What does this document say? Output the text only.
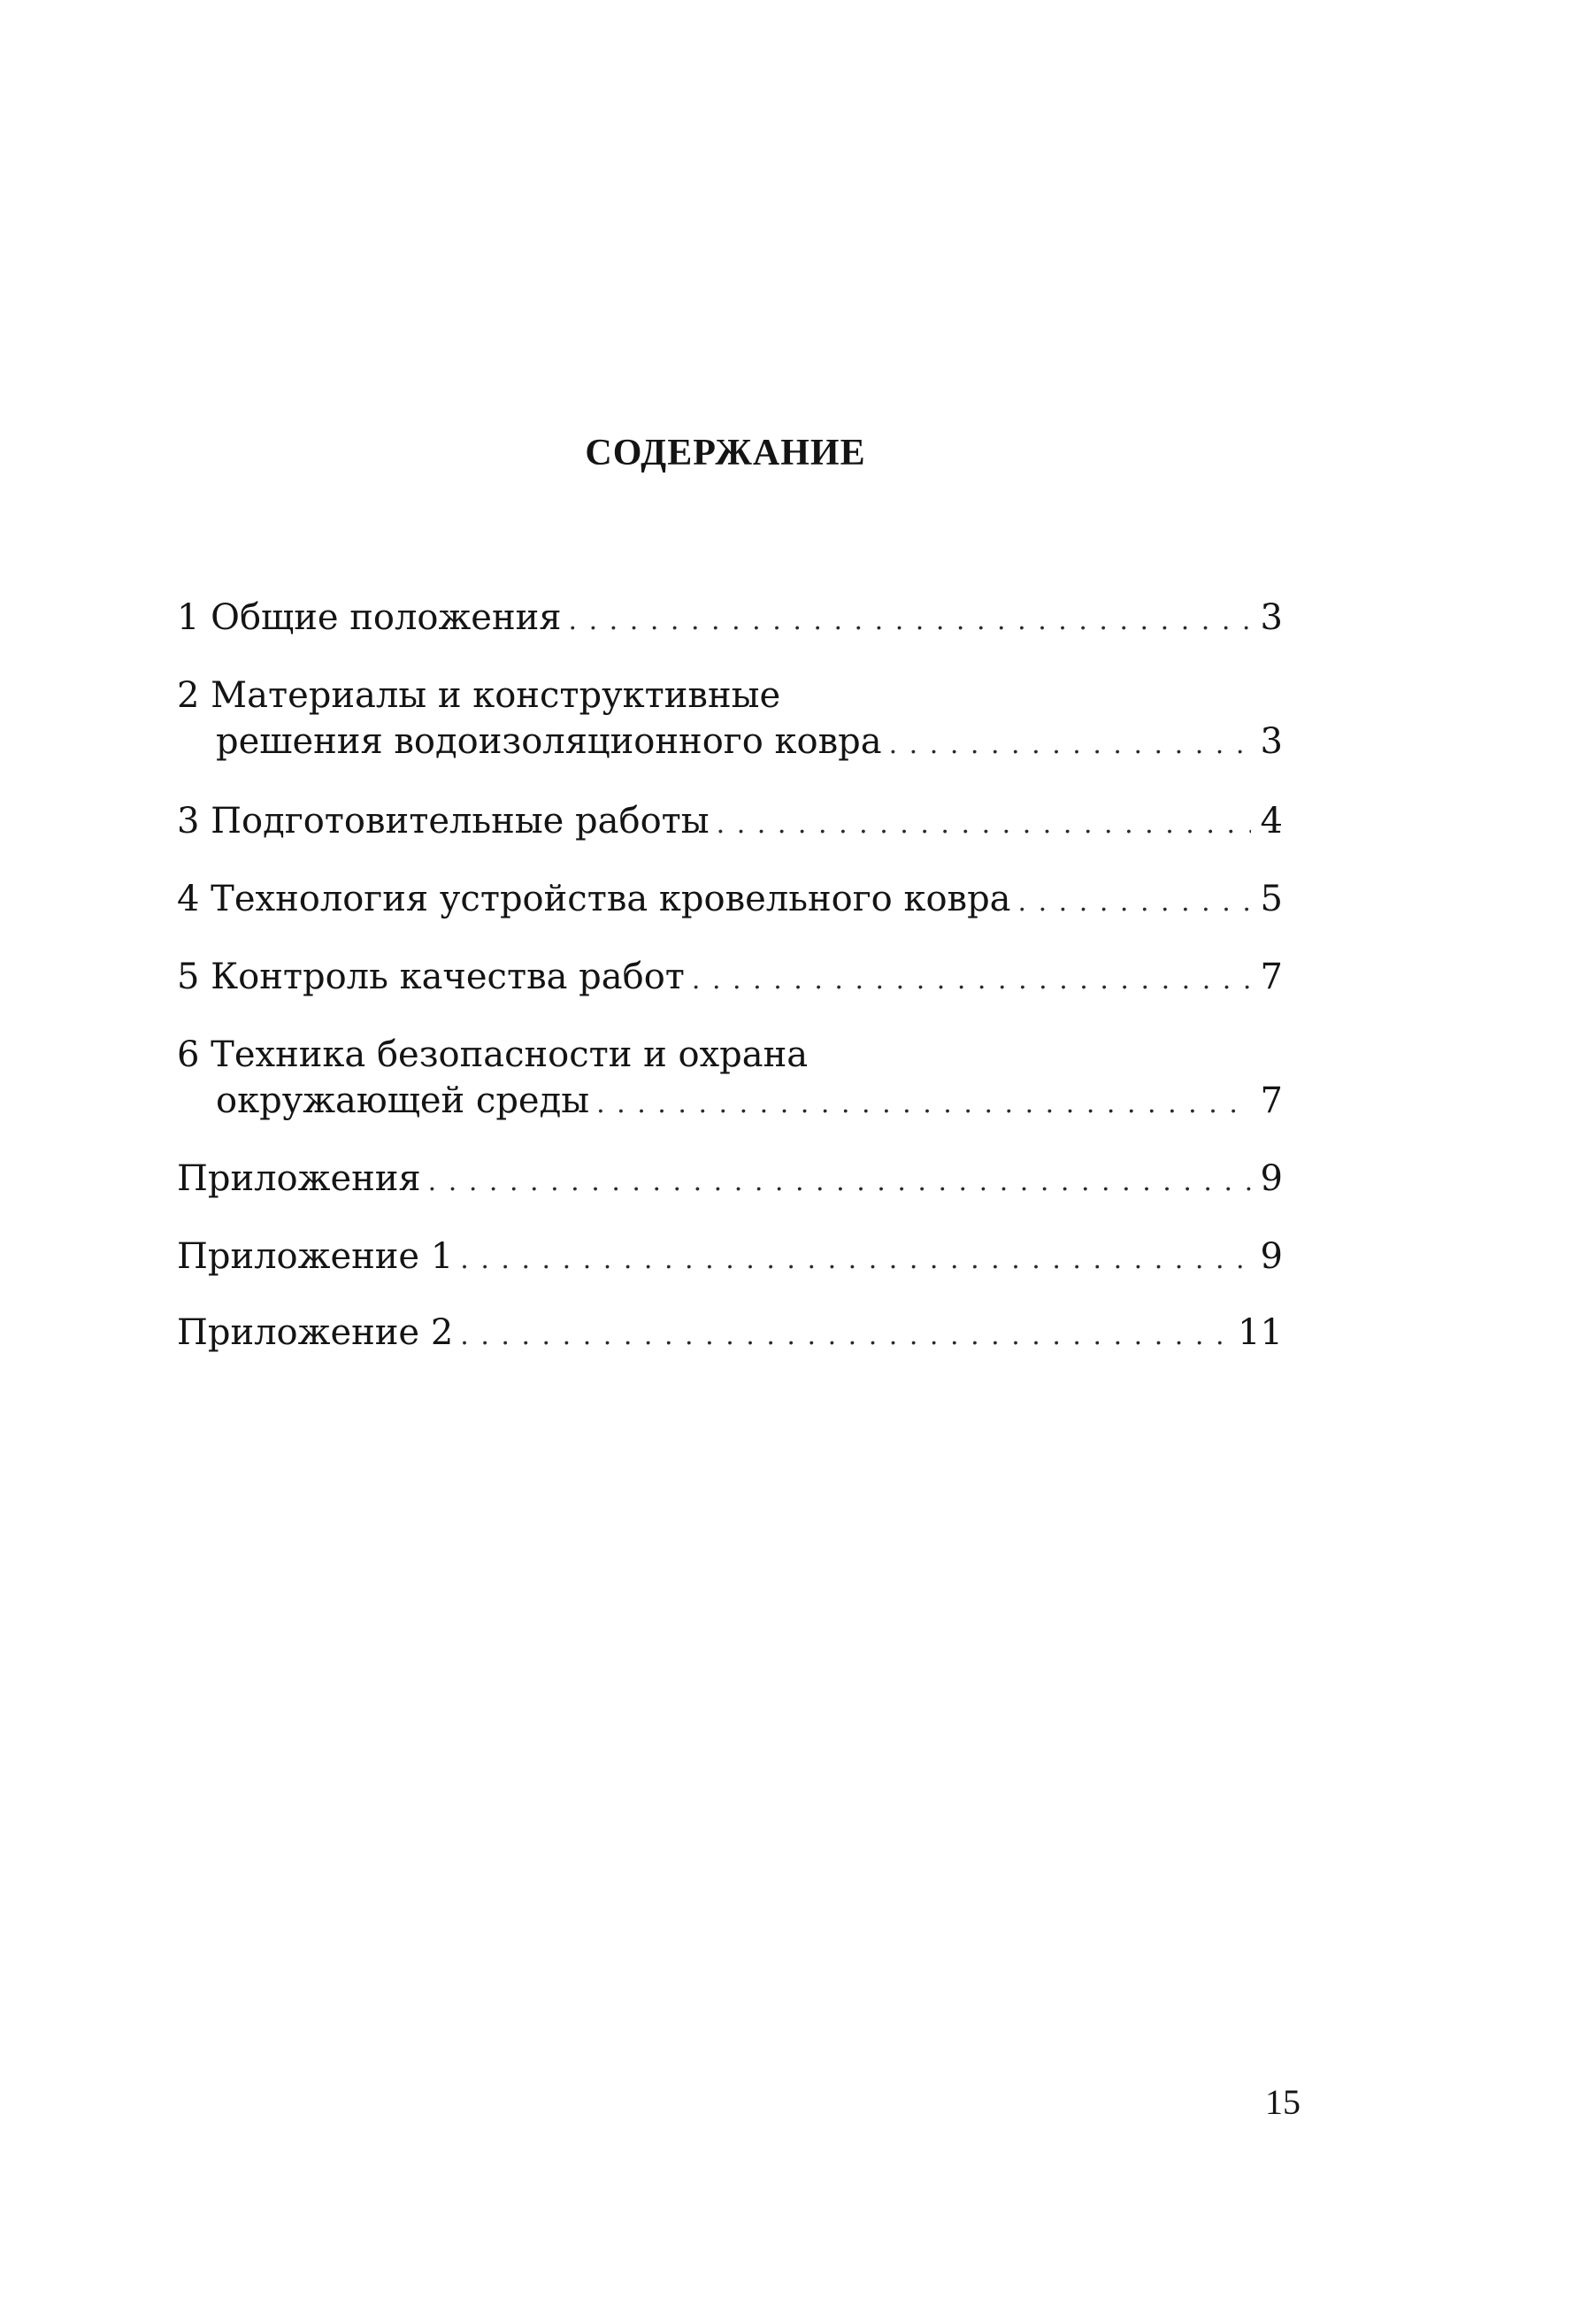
СОДЕРЖАНИЕ
1 Общие положения . . .	3
2 Материалы и конструктивные
решения водоизоляционного ковра . . .	3
3 Подготовительные работы . . .	4
4 Технология устройства кровельного ковра . . .	5
5 Контроль качества работ . . .	7
6 Техника безопасности и охрана
окружающей среды . . .	7
Приложения . . .	9
Приложение 1 . . .	9
Приложение 2 . . .	11
15
